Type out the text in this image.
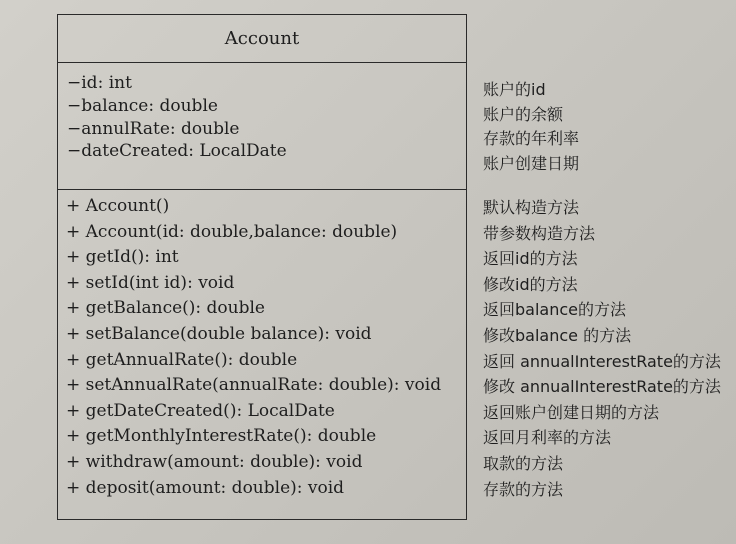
Account
−id: int
−balance: double
−annulRate: double
−dateCreated: LocalDate
+ Account()
+ Account(id: double,balance: double)
+ getId(): int
+ setId(int id): void
+ getBalance(): double
+ setBalance(double balance): void
+ getAnnualRate(): double
+ setAnnualRate(annualRate: double): void
+ getDateCreated(): LocalDate
+ getMonthlyInterestRate(): double
+ withdraw(amount: double): void
+ deposit(amount: double): void
账户的id
账户的余额
存款的年利率
账户创建日期
默认构造方法
带参数构造方法
返回id的方法
修改id的方法
返回balance的方法
修改balance 的方法
返回 annualInterestRate的方法
修改 annualInterestRate的方法
返回账户创建日期的方法
返回月利率的方法
取款的方法
存款的方法
